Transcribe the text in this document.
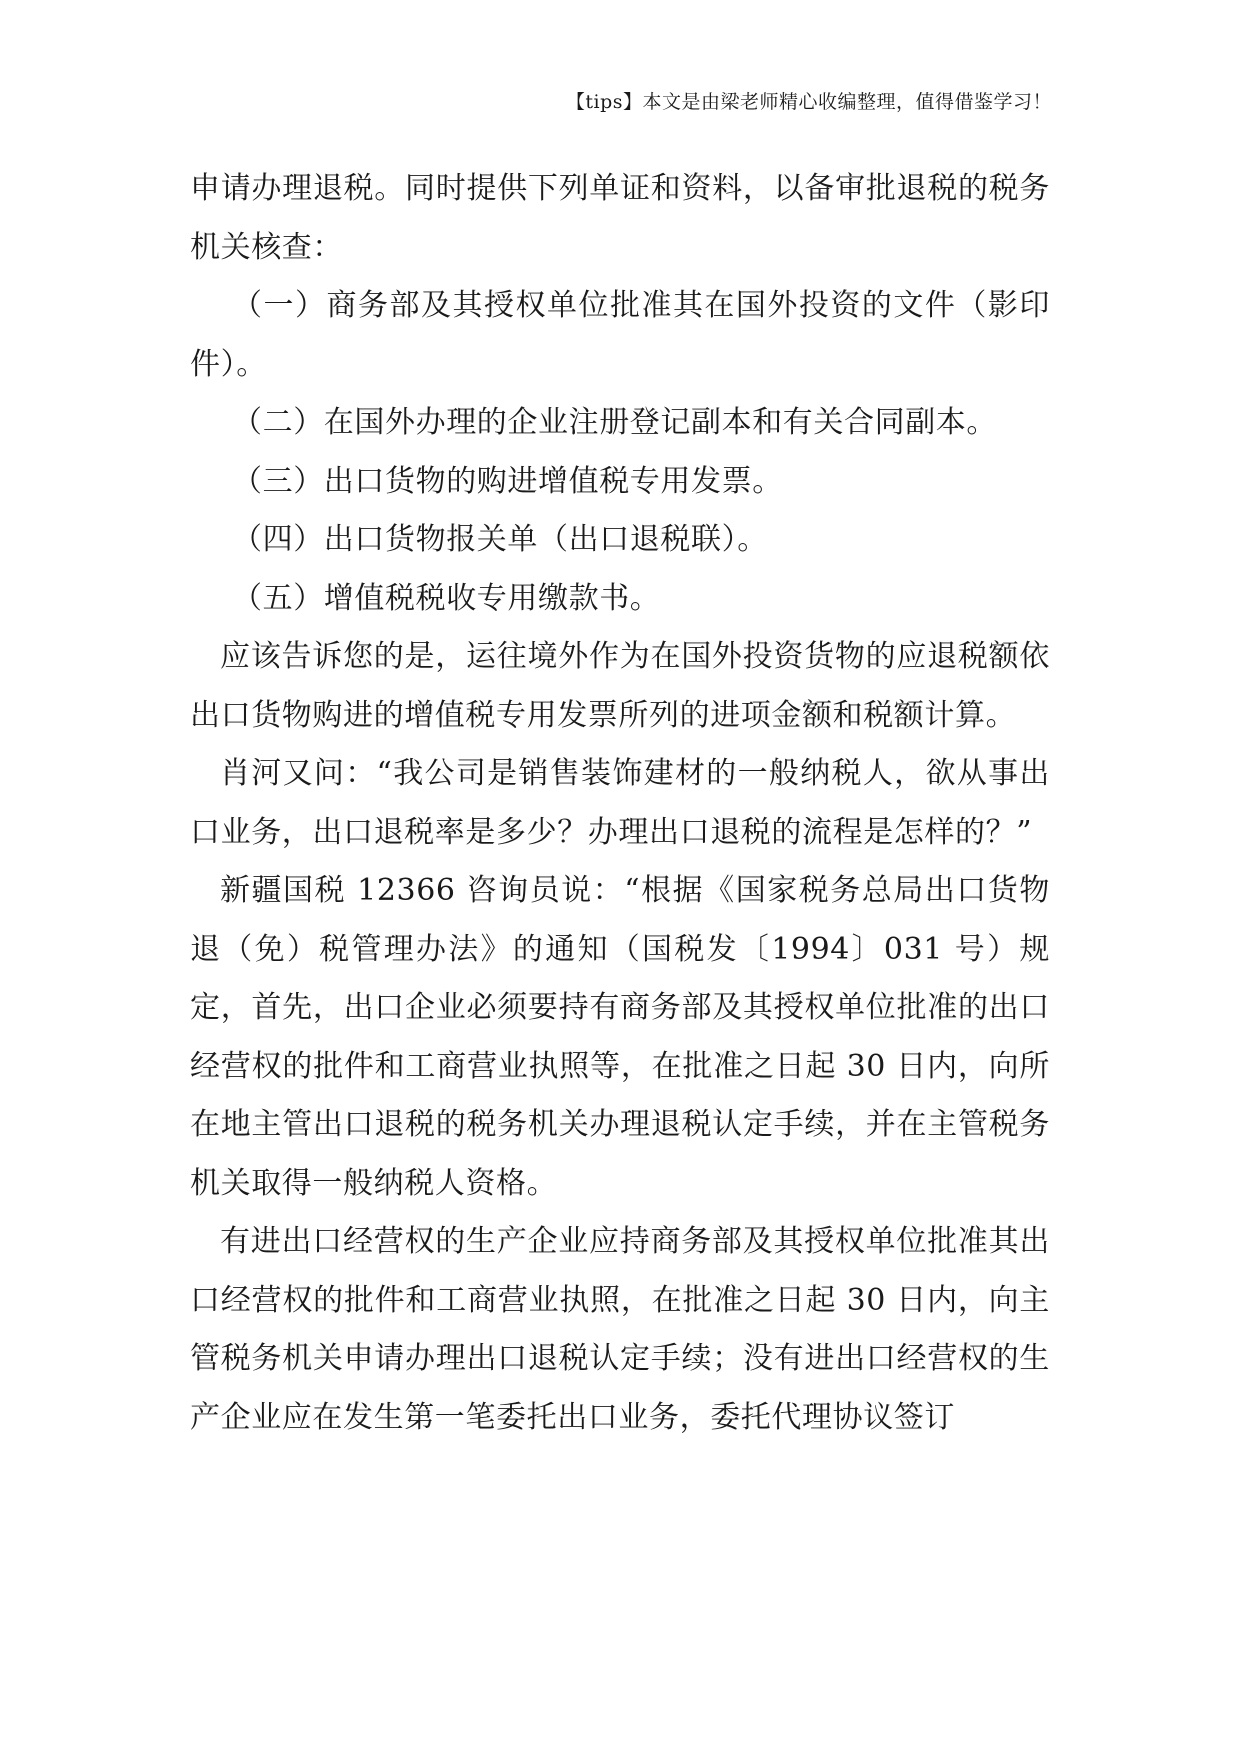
【tips】本文是由梁老师精心收编整理，值得借鉴学习！

申请办理退税。同时提供下列单证和资料，以备审批退税的税务机关核查：

（一）商务部及其授权单位批准其在国外投资的文件（影印件）。

（二）在国外办理的企业注册登记副本和有关合同副本。

（三）出口货物的购进增值税专用发票。

（四）出口货物报关单（出口退税联）。

（五）增值税税收专用缴款书。

应该告诉您的是，运往境外作为在国外投资货物的应退税额依出口货物购进的增值税专用发票所列的进项金额和税额计算。

肖河又问：“我公司是销售装饰建材的一般纳税人，欲从事出口业务，出口退税率是多少？办理出口退税的流程是怎样的？”

新疆国税 12366 咨询员说：“根据《国家税务总局出口货物退（免）税管理办法》的通知（国税发〔1994〕031 号）规定，首先，出口企业必须要持有商务部及其授权单位批准的出口经营权的批件和工商营业执照等，在批准之日起 30 日内，向所在地主管出口退税的税务机关办理退税认定手续，并在主管税务机关取得一般纳税人资格。

有进出口经营权的生产企业应持商务部及其授权单位批准其出口经营权的批件和工商营业执照，在批准之日起 30 日内，向主管税务机关申请办理出口退税认定手续；没有进出口经营权的生产企业应在发生第一笔委托出口业务，委托代理协议签订
